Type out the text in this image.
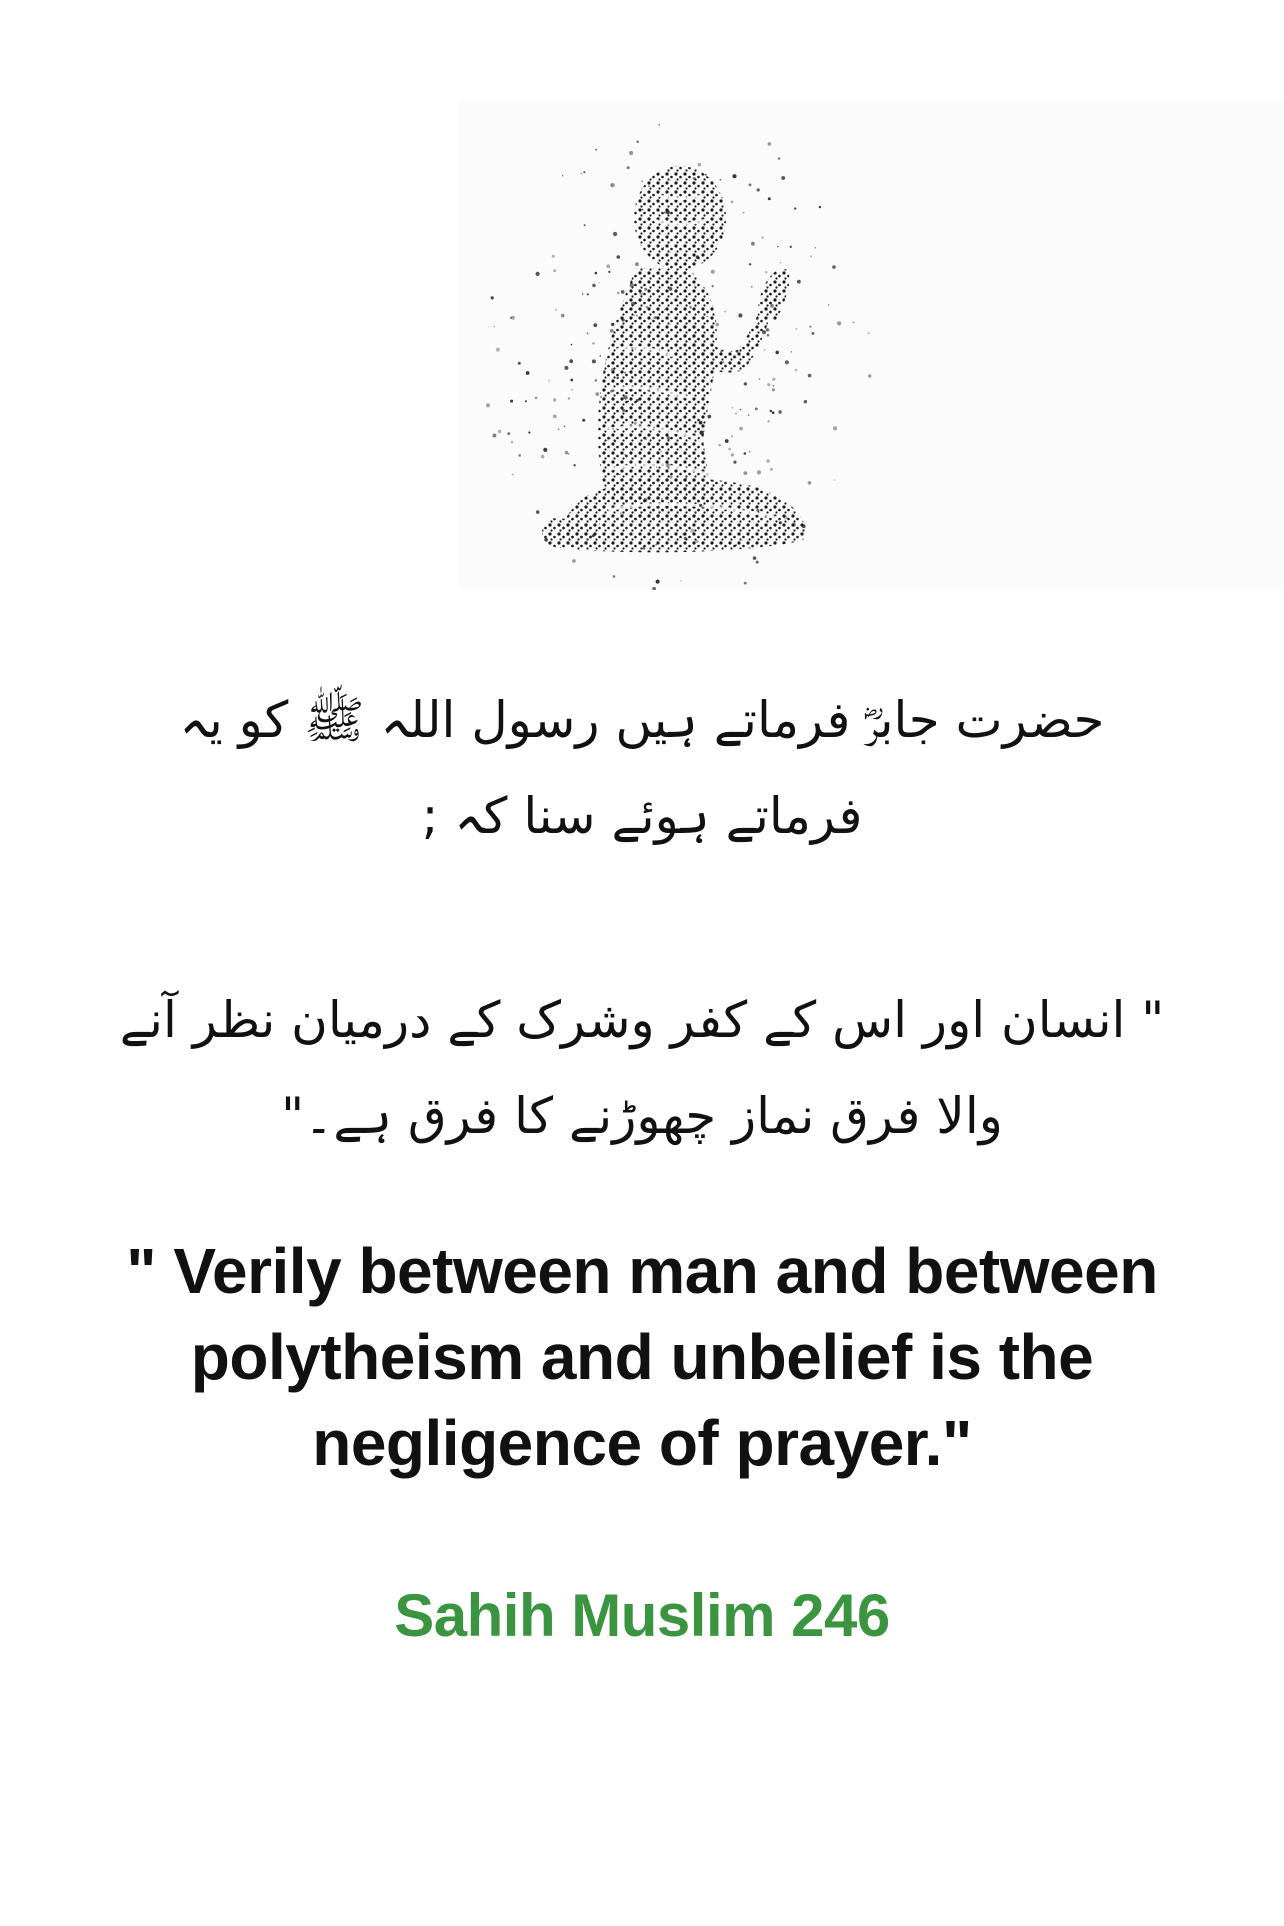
حضرت جابرؓ فرماتے ہیں رسول اللہ ﷺ کو یہ فرماتے ہوئے سنا کہ ;
" انسان اور اس کے کفر وشرک کے درمیان نظر آنے والا فرق نماز چھوڑنے کا فرق ہے۔"
" Verily between man and between polytheism and unbelief is the negligence of prayer."
Sahih Muslim 246
